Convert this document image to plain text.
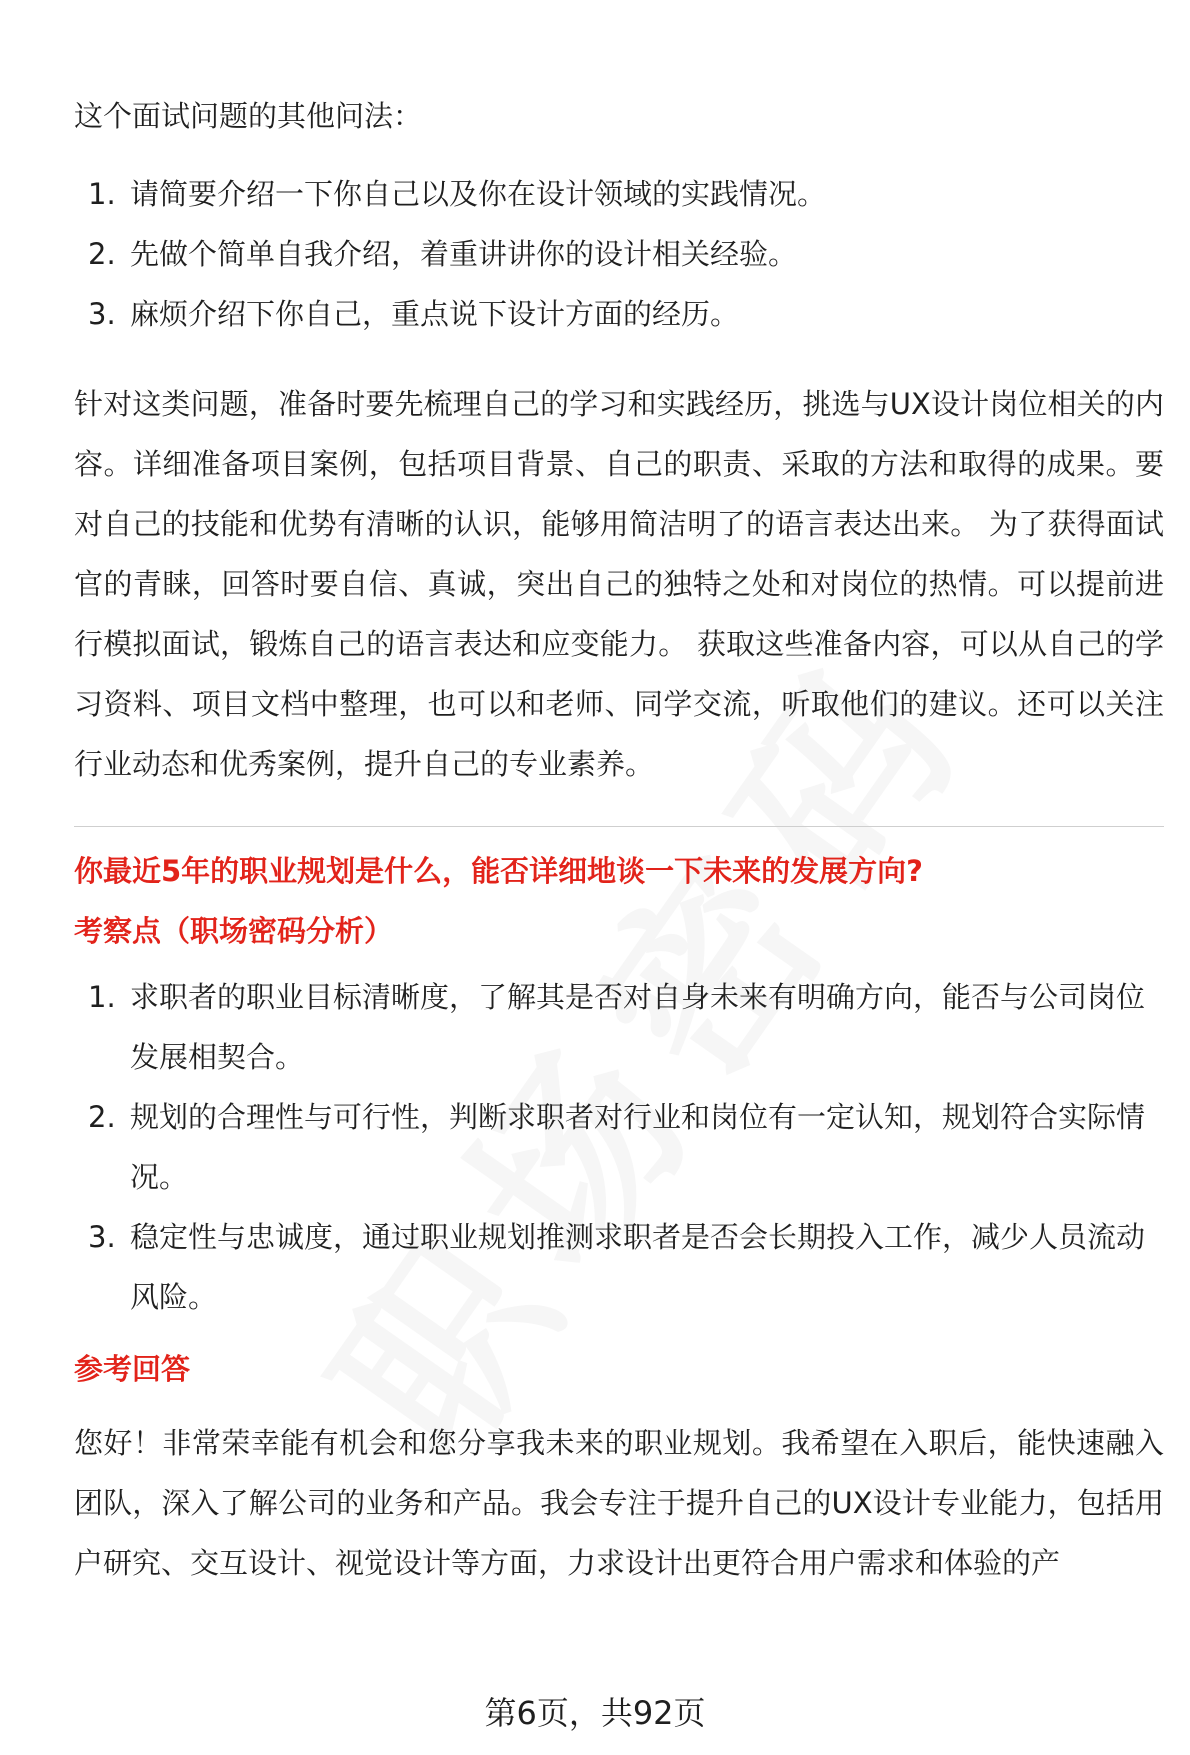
这个面试问题的其他问法：

1. 请简要介绍一下你自己以及你在设计领域的实践情况。
2. 先做个简单自我介绍，着重讲讲你的设计相关经验。
3. 麻烦介绍下你自己，重点说下设计方面的经历。

针对这类问题，准备时要先梳理自己的学习和实践经历，挑选与UX设计岗位相关的内容。详细准备项目案例，包括项目背景、自己的职责、采取的方法和取得的成果。要对自己的技能和优势有清晰的认识，能够用简洁明了的语言表达出来。 为了获得面试官的青睐，回答时要自信、真诚，突出自己的独特之处和对岗位的热情。可以提前进行模拟面试，锻炼自己的语言表达和应变能力。 获取这些准备内容，可以从自己的学习资料、项目文档中整理，也可以和老师、同学交流，听取他们的建议。还可以关注行业动态和优秀案例，提升自己的专业素养。

你最近5年的职业规划是什么，能否详细地谈一下未来的发展方向?

考察点（职场密码分析）

1. 求职者的职业目标清晰度，了解其是否对自身未来有明确方向，能否与公司岗位发展相契合。
2. 规划的合理性与可行性，判断求职者对行业和岗位有一定认知，规划符合实际情况。
3. 稳定性与忠诚度，通过职业规划推测求职者是否会长期投入工作，减少人员流动风险。

参考回答

您好！非常荣幸能有机会和您分享我未来的职业规划。我希望在入职后，能快速融入团队，深入了解公司的业务和产品。我会专注于提升自己的UX设计专业能力，包括用户研究、交互设计、视觉设计等方面，力求设计出更符合用户需求和体验的产

第6页，共92页
